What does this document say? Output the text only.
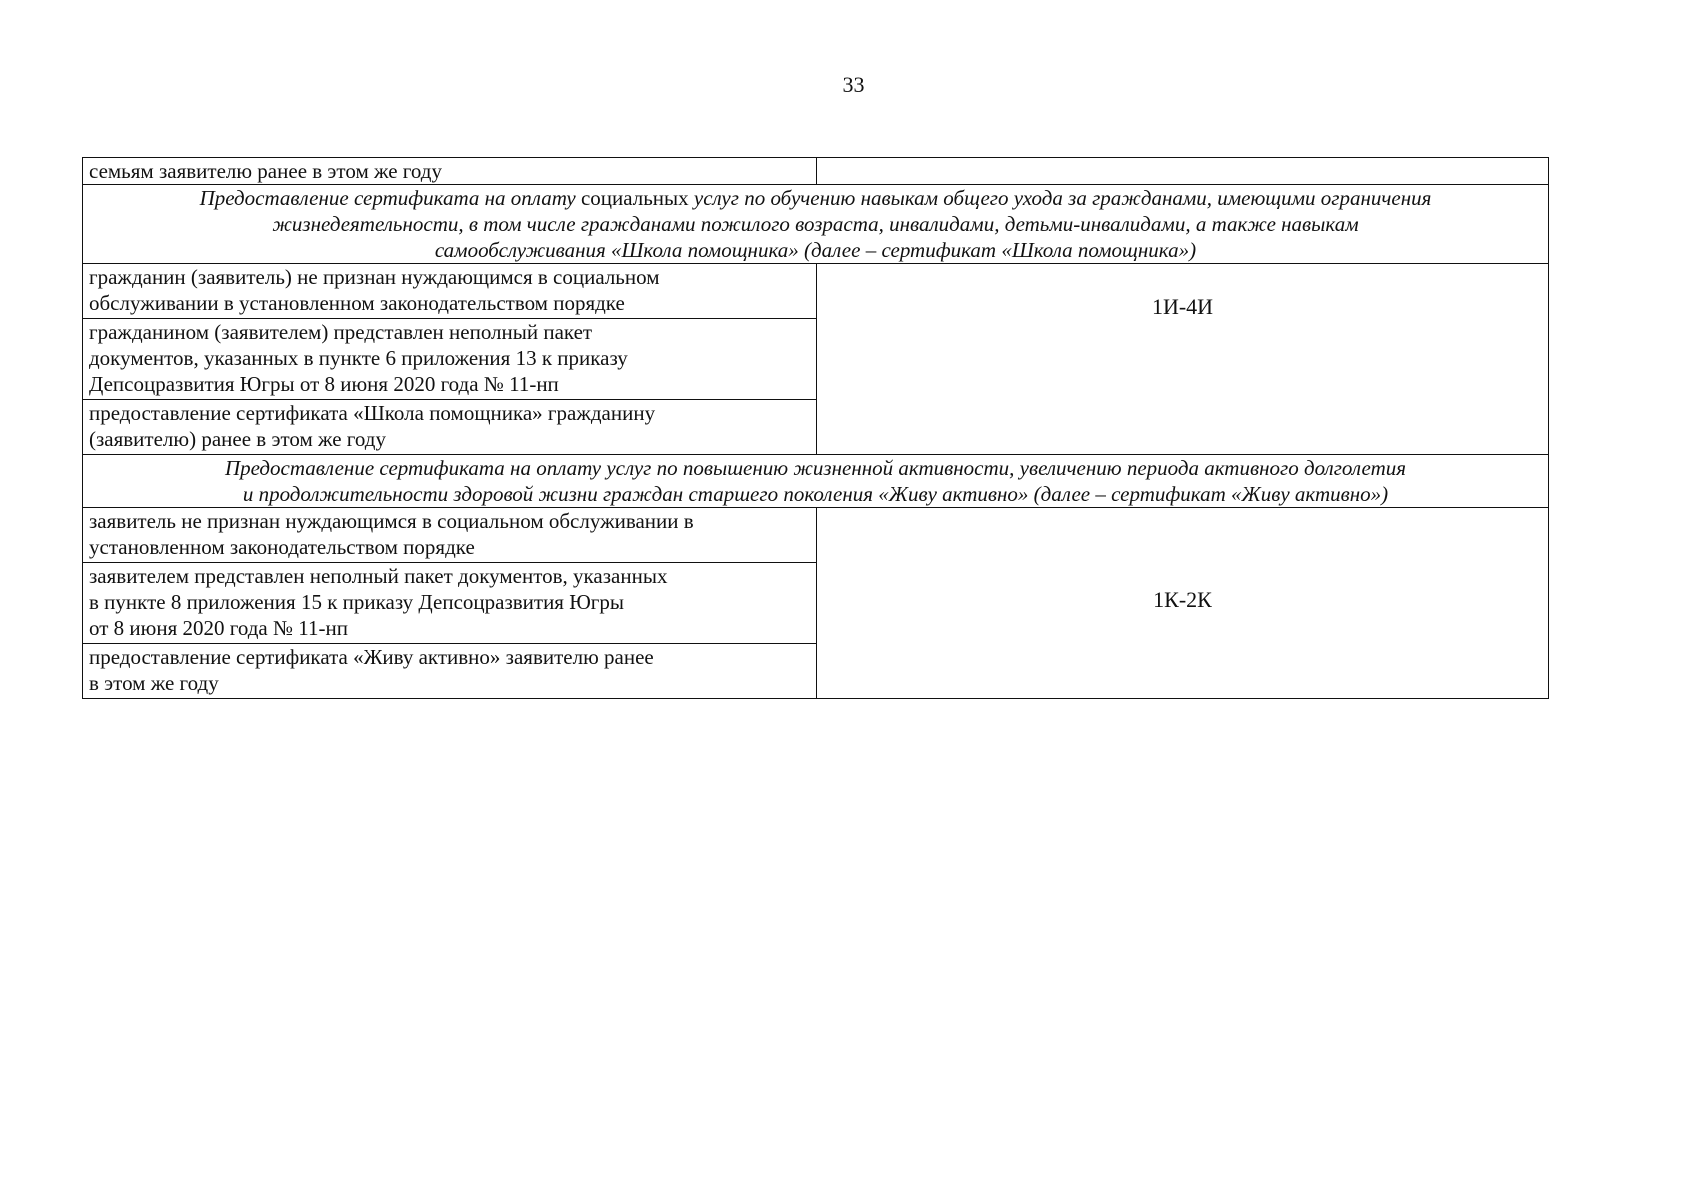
33
семьям заявителю ранее в этом же году	

Предоставление сертификата на оплату социальных услуг по обучению навыкам общего ухода за гражданами, имеющими ограничения
жизнедеятельности, в том числе гражданами пожилого возраста, инвалидами, детьми-инвалидами, а также навыкам
самообслуживания «Школа помощника» (далее – сертификат «Школа помощника»)	

гражданин (заявитель) не признан нуждающимся в социальном
обслуживании в установленном законодательством порядке	1И-4И

гражданином (заявителем) представлен неполный пакет
документов, указанных в пункте 6 приложения 13 к приказу
Депсоцразвития Югры от 8 июня 2020 года № 11-нп	

предоставление сертификата «Школа помощника» гражданину
(заявителю) ранее в этом же году	

Предоставление сертификата на оплату услуг по повышению жизненной активности, увеличению периода активного долголетия
и продолжительности здоровой жизни граждан старшего поколения «Живу активно» (далее – сертификат «Живу активно»)	

заявитель не признан нуждающимся в социальном обслуживании в
установленном законодательством порядке	1К-2К

заявителем представлен неполный пакет документов, указанных
в пункте 8 приложения 15 к приказу Депсоцразвития Югры
от 8 июня 2020 года № 11-нп	

предоставление сертификата «Живу активно» заявителю ранее
в этом же году	
